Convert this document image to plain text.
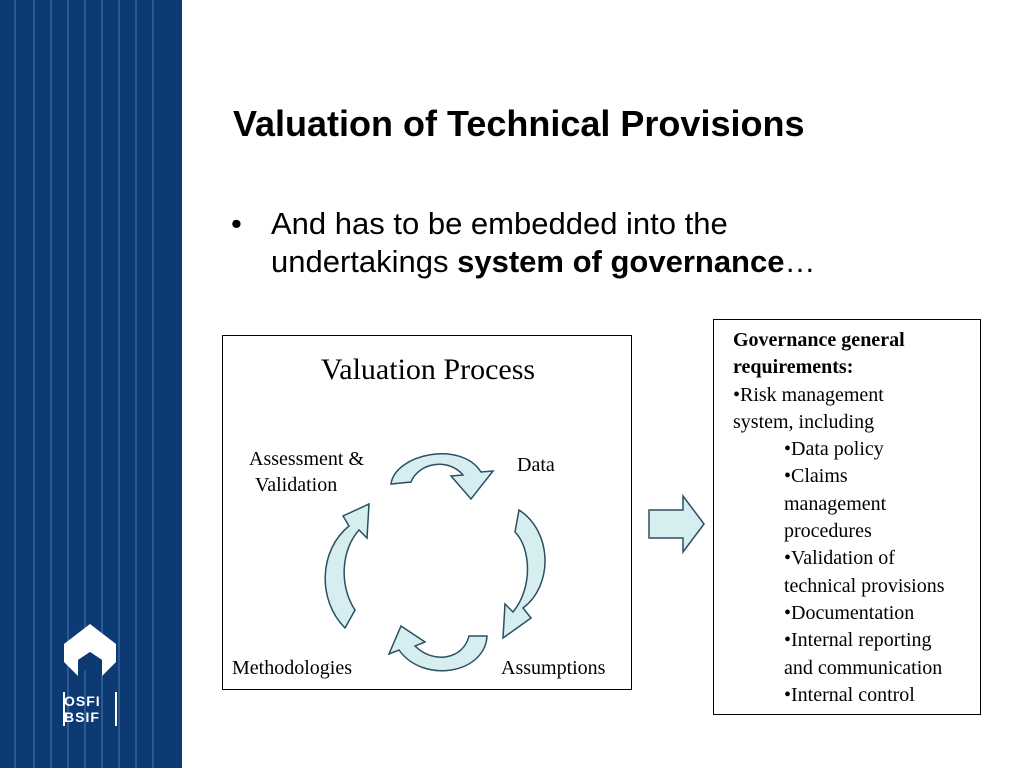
OSFI
BSIF
Valuation of Technical Provisions
• And has to be embedded into the undertakings system of governance…
Valuation Process
Assessment &
Validation
Data
Methodologies	Assumptions
Governance general
requirements:
•Risk management
system, including
•Data policy
•Claims
management
procedures
•Validation of
technical provisions
•Documentation
•Internal reporting
and communication
•Internal control
